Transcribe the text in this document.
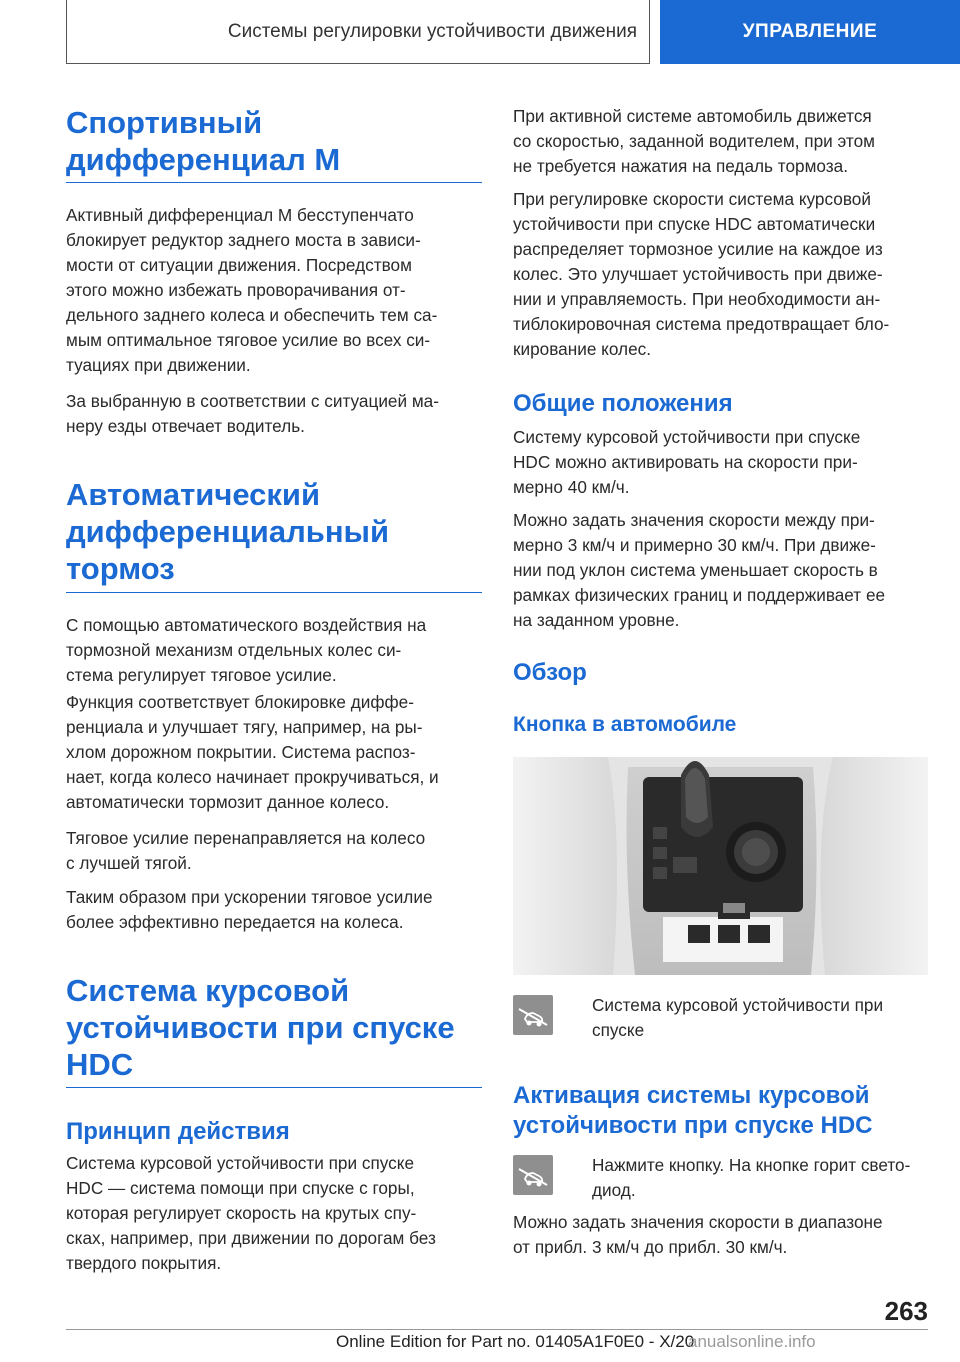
Системы регулировки устойчивости движения	УПРАВЛЕНИЕ
Спортивный
дифференциал M
Активный дифференциал M бесступенчато
блокирует редуктор заднего моста в зависи-
мости от ситуации движения. Посредством
этого можно избежать проворачивания от-
дельного заднего колеса и обеспечить тем са-
мым оптимальное тяговое усилие во всех си-
туациях при движении.
За выбранную в соответствии с ситуацией ма-
неру езды отвечает водитель.
Автоматический
дифференциальный
тормоз
С помощью автоматического воздействия на
тормозной механизм отдельных колес си-
стема регулирует тяговое усилие.
Функция соответствует блокировке диффе-
ренциала и улучшает тягу, например, на ры-
хлом дорожном покрытии. Система распоз-
нает, когда колесо начинает прокручиваться, и
автоматически тормозит данное колесо.
Тяговое усилие перенаправляется на колесо
с лучшей тягой.
Таким образом при ускорении тяговое усилие
более эффективно передается на колеса.
Система курсовой
устойчивости при спуске
HDC
Принцип действия
Система курсовой устойчивости при спуске
HDC — система помощи при спуске с горы,
которая регулирует скорость на крутых спу-
сках, например, при движении по дорогам без
твердого покрытия.
При активной системе автомобиль движется
со скоростью, заданной водителем, при этом
не требуется нажатия на педаль тормоза.
При регулировке скорости система курсовой
устойчивости при спуске HDC автоматически
распределяет тормозное усилие на каждое из
колес. Это улучшает устойчивость при движе-
нии и управляемость. При необходимости ан-
тиблокировочная система предотвращает бло-
кирование колес.
Общие положения
Систему курсовой устойчивости при спуске
HDC можно активировать на скорости при-
мерно 40 км/ч.
Можно задать значения скорости между при-
мерно 3 км/ч и примерно 30 км/ч. При движе-
нии под уклон система уменьшает скорость в
рамках физических границ и поддерживает ее
на заданном уровне.
Обзор
Кнопка в автомобиле
Система курсовой устойчивости при
спуске
Активация системы курсовой
устойчивости при спуске HDC
Нажмите кнопку. На кнопке горит свето-
диод.
Можно задать значения скорости в диапазоне
от прибл. 3 км/ч до прибл. 30 км/ч.
263
Online Edition for Part no. 01405A1F0E0 - X/20
anualsonline.info
